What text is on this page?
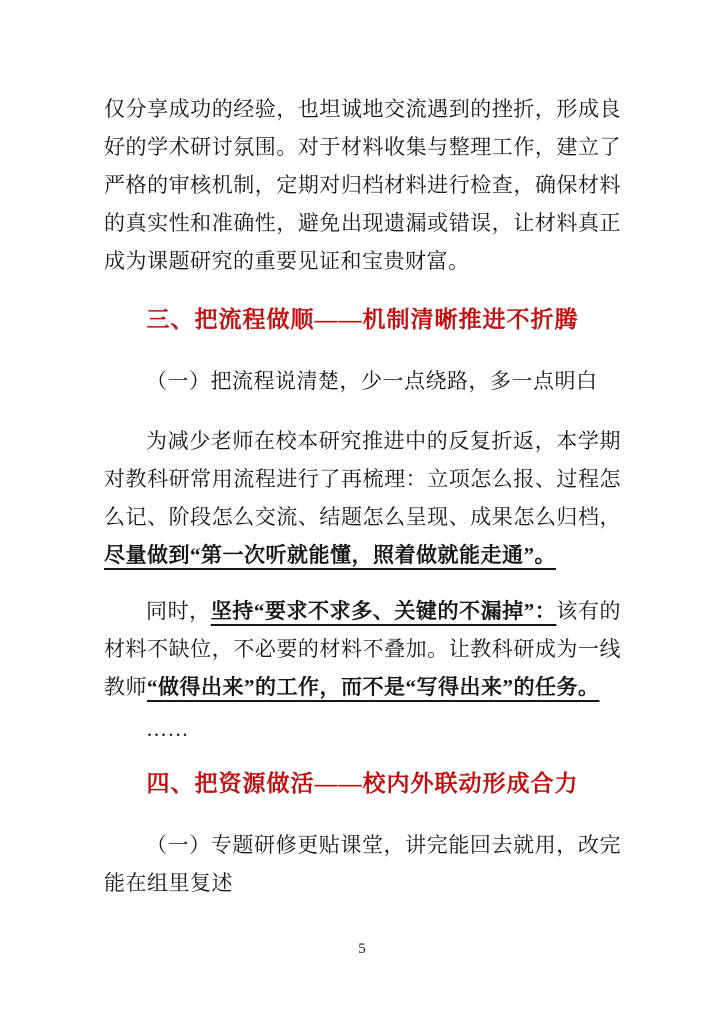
仅分享成功的经验，也坦诚地交流遇到的挫折，形成良好的学术研讨氛围。对于材料收集与整理工作，建立了严格的审核机制，定期对归档材料进行检查，确保材料的真实性和准确性，避免出现遗漏或错误，让材料真正成为课题研究的重要见证和宝贵财富。

三、把流程做顺——机制清晰推进不折腾

（一）把流程说清楚，少一点绕路，多一点明白

为减少老师在校本研究推进中的反复折返，本学期对教科研常用流程进行了再梳理：立项怎么报、过程怎么记、阶段怎么交流、结题怎么呈现、成果怎么归档，尽量做到“第一次听就能懂，照着做就能走通”。

同时，坚持“要求不求多、关键的不漏掉”：该有的材料不缺位，不必要的材料不叠加。让教科研成为一线教师“做得出来”的工作，而不是“写得出来”的任务。

……

四、把资源做活——校内外联动形成合力

（一）专题研修更贴课堂，讲完能回去就用，改完能在组里复述

5
